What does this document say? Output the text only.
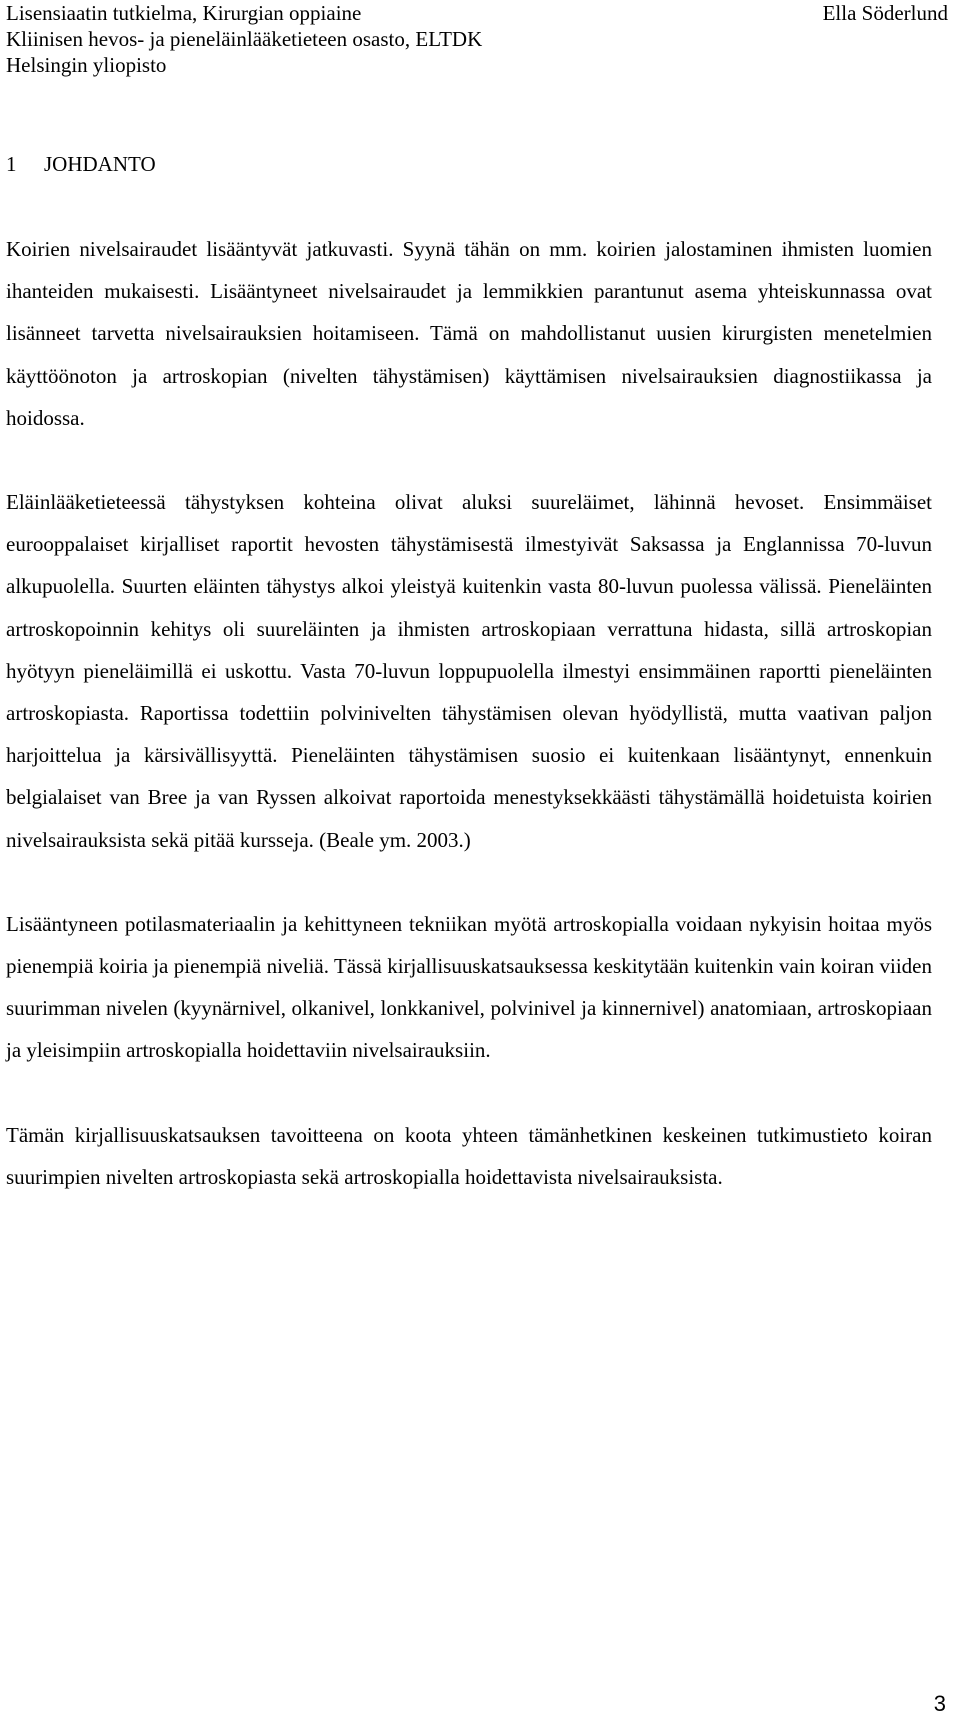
Lisensiaatin tutkielma, Kirurgian oppiaine
Kliinisen hevos- ja pieneläinlääketieteen osasto, ELTDK
Helsingin yliopisto
Ella Söderlund
1 JOHDANTO

Koirien nivelsairaudet lisääntyvät jatkuvasti. Syynä tähän on mm. koirien jalostaminen ihmisten luomien ihanteiden mukaisesti. Lisääntyneet nivelsairaudet ja lemmikkien parantunut asema yhteiskunnassa ovat lisänneet tarvetta nivelsairauksien hoitamiseen. Tämä on mahdollistanut uusien kirurgisten menetelmien käyttöönoton ja artroskopian (nivelten tähystämisen) käyttämisen nivelsairauksien diagnostiikassa ja hoidossa.

Eläinlääketieteessä tähystyksen kohteina olivat aluksi suureläimet, lähinnä hevoset. Ensimmäiset eurooppalaiset kirjalliset raportit hevosten tähystämisestä ilmestyivät Saksassa ja Englannissa 70-luvun alkupuolella. Suurten eläinten tähystys alkoi yleistyä kuitenkin vasta 80-luvun puolessa välissä. Pieneläinten artroskopoinnin kehitys oli suureläinten ja ihmisten artroskopiaan verrattuna hidasta, sillä artroskopian hyötyyn pieneläimillä ei uskottu. Vasta 70-luvun loppupuolella ilmestyi ensimmäinen raportti pieneläinten artroskopiasta. Raportissa todettiin polvinivelten tähystämisen olevan hyödyllistä, mutta vaativan paljon harjoittelua ja kärsivällisyyttä. Pieneläinten tähystämisen suosio ei kuitenkaan lisääntynyt, ennenkuin belgialaiset van Bree ja van Ryssen alkoivat raportoida menestyksekkäästi tähystämällä hoidetuista koirien nivelsairauksista sekä pitää kursseja. (Beale ym. 2003.)

Lisääntyneen potilasmateriaalin ja kehittyneen tekniikan myötä artroskopialla voidaan nykyisin hoitaa myös pienempiä koiria ja pienempiä niveliä. Tässä kirjallisuuskatsauksessa keskitytään kuitenkin vain koiran viiden suurimman nivelen (kyynärnivel, olkanivel, lonkkanivel, polvinivel ja kinnernivel) anatomiaan, artroskopiaan ja yleisimpiin artroskopialla hoidettaviin nivelsairauksiin.

Tämän kirjallisuuskatsauksen tavoitteena on koota yhteen tämänhetkinen keskeinen tutkimustieto koiran suurimpien nivelten artroskopiasta sekä artroskopialla hoidettavista nivelsairauksista.

3
